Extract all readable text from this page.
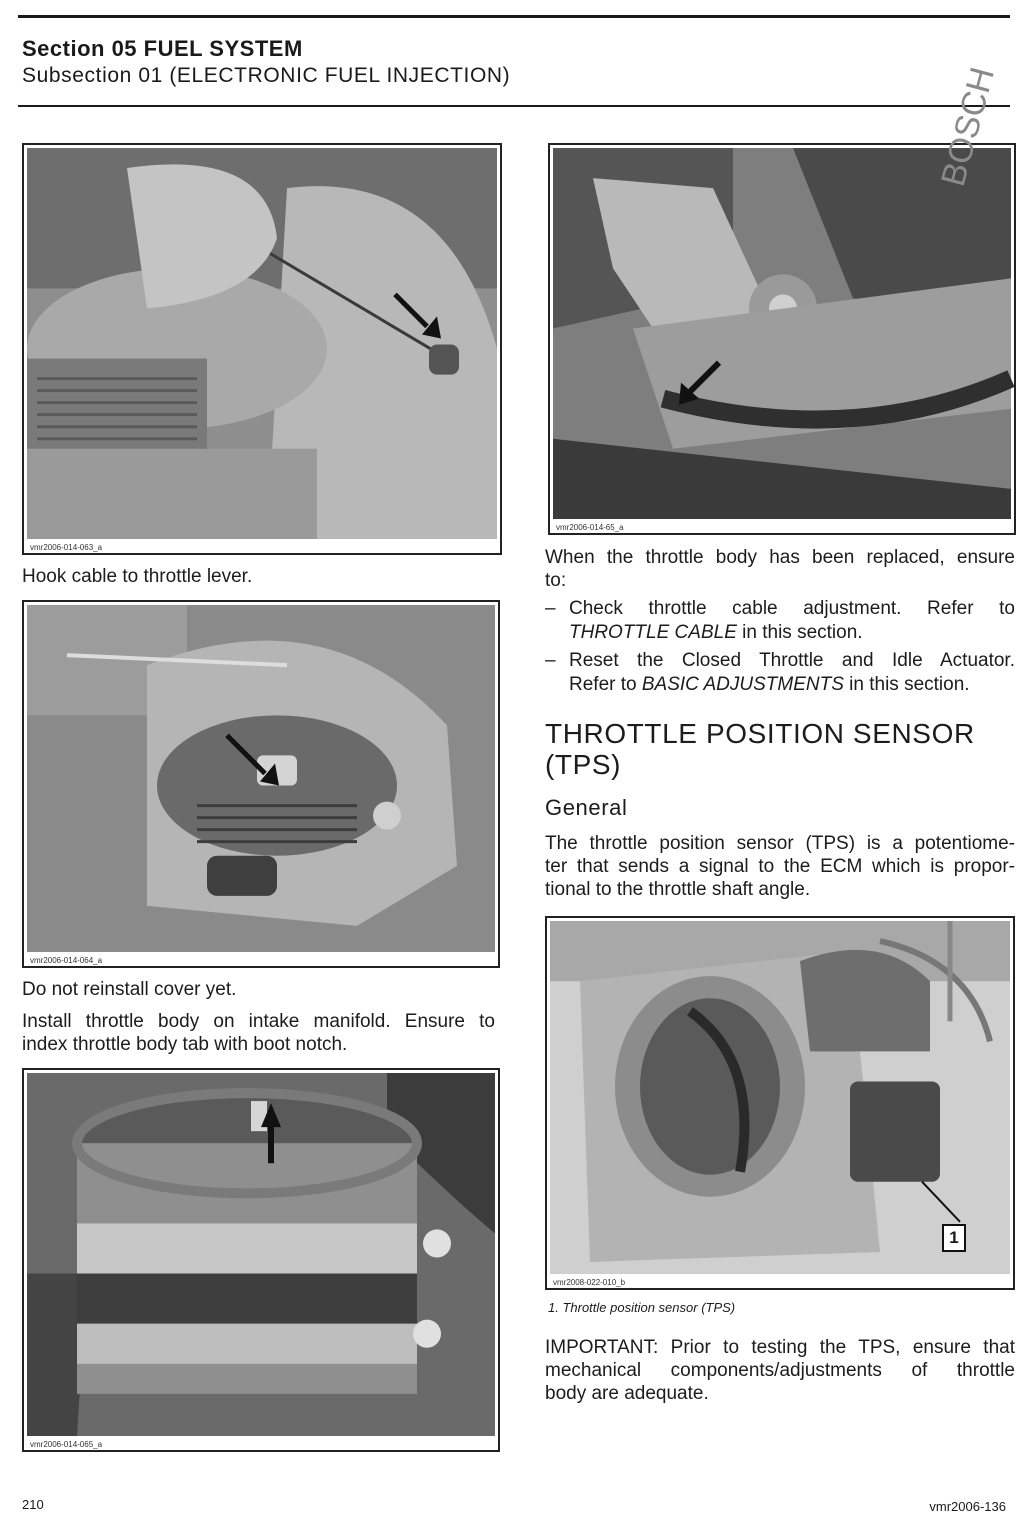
Section 05 FUEL SYSTEM
Subsection 01 (ELECTRONIC FUEL INJECTION)
vmr2006-014-063_a
Hook cable to throttle lever.
vmr2006-014-064_a
Do not reinstall cover yet.
Install throttle body on intake manifold. Ensure to
index throttle body tab with boot notch.
vmr2006-014-065_a
BOSCH
vmr2006-014-65_a
When the throttle body has been replaced, ensure
to:
– Check throttle cable adjustment. Refer to
THROTTLE CABLE in this section.
– Reset the Closed Throttle and Idle Actuator.
Refer to BASIC ADJUSTMENTS in this section.
THROTTLE POSITION SENSOR (TPS)
General
The throttle position sensor (TPS) is a potentiome-
ter that sends a signal to the ECM which is propor-
tional to the throttle shaft angle.
1
vmr2008-022-010_b
1. Throttle position sensor (TPS)
IMPORTANT: Prior to testing the TPS, ensure that
mechanical components/adjustments of throttle
body are adequate.
210	vmr2006-136
